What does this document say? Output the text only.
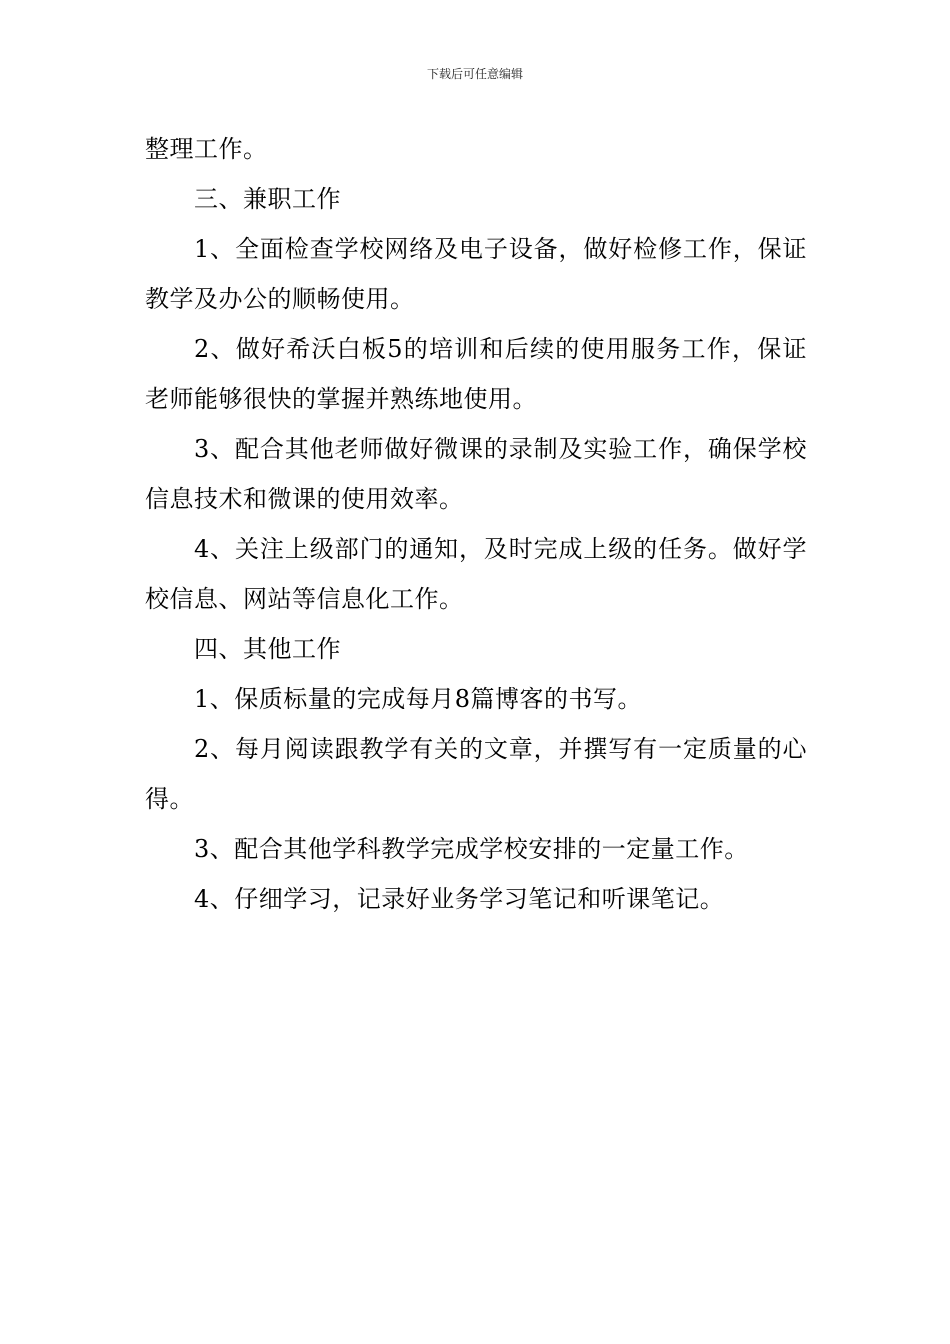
下载后可任意编辑

整理工作。

三、兼职工作

1、全面检查学校网络及电子设备，做好检修工作，保证教学及办公的顺畅使用。

2、做好希沃白板5的培训和后续的使用服务工作，保证老师能够很快的掌握并熟练地使用。

3、配合其他老师做好微课的录制及实验工作，确保学校信息技术和微课的使用效率。

4、关注上级部门的通知，及时完成上级的任务。做好学校信息、网站等信息化工作。

四、其他工作

1、保质标量的完成每月8篇博客的书写。

2、每月阅读跟教学有关的文章，并撰写有一定质量的心得。

3、配合其他学科教学完成学校安排的一定量工作。

4、仔细学习，记录好业务学习笔记和听课笔记。
